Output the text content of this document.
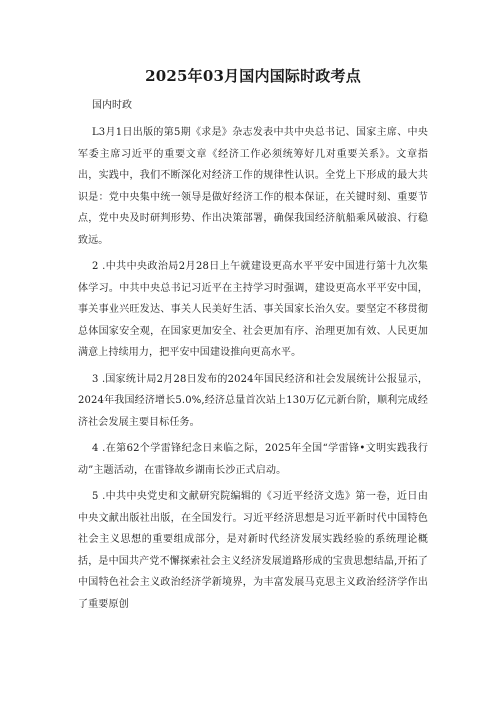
2025年03月国内国际时政考点
国内时政

L3月1日出版的第5期《求是》杂志发表中共中央总书记、国家主席、中央军委主席习近平的重要文章《经济工作必须统筹好几对重要关系》。文章指出，实践中，我们不断深化对经济工作的规律性认识。全党上下形成的最大共识是：党中央集中统一领导是做好经济工作的根本保证，在关键时刻、重要节点，党中央及时研判形势、作出决策部署，确保我国经济航船乘风破浪、行稳致远。

2 .中共中央政治局2月28日上午就建设更高水平平安中国进行第十九次集体学习。中共中央总书记习近平在主持学习时强调，建设更高水平平安中国，事关事业兴旺发达、事关人民美好生活、事关国家长治久安。要坚定不移贯彻总体国家安全观，在国家更加安全、社会更加有序、治理更加有效、人民更加满意上持续用力，把平安中国建设推向更高水平。

3 .国家统计局2月28日发布的2024年国民经济和社会发展统计公报显示，2024年我国经济增长5.0%,经济总量首次站上130万亿元新台阶，顺利完成经济社会发展主要目标任务。

4 .在第62个学雷锋纪念日来临之际，2025年全国“学雷锋•文明实践我行动”主题活动，在雷锋故乡湖南长沙正式启动。

5 .中共中央党史和文献研究院编辑的《习近平经济文选》第一卷，近日由中央文献出版社出版，在全国发行。习近平经济思想是习近平新时代中国特色社会主义思想的重要组成部分，是对新时代经济发展实践经验的系统理论概括，是中国共产党不懈探索社会主义经济发展道路形成的宝贵思想结晶,开拓了中国特色社会主义政治经济学新境界，为丰富发展马克思主义政治经济学作出了重要原创
